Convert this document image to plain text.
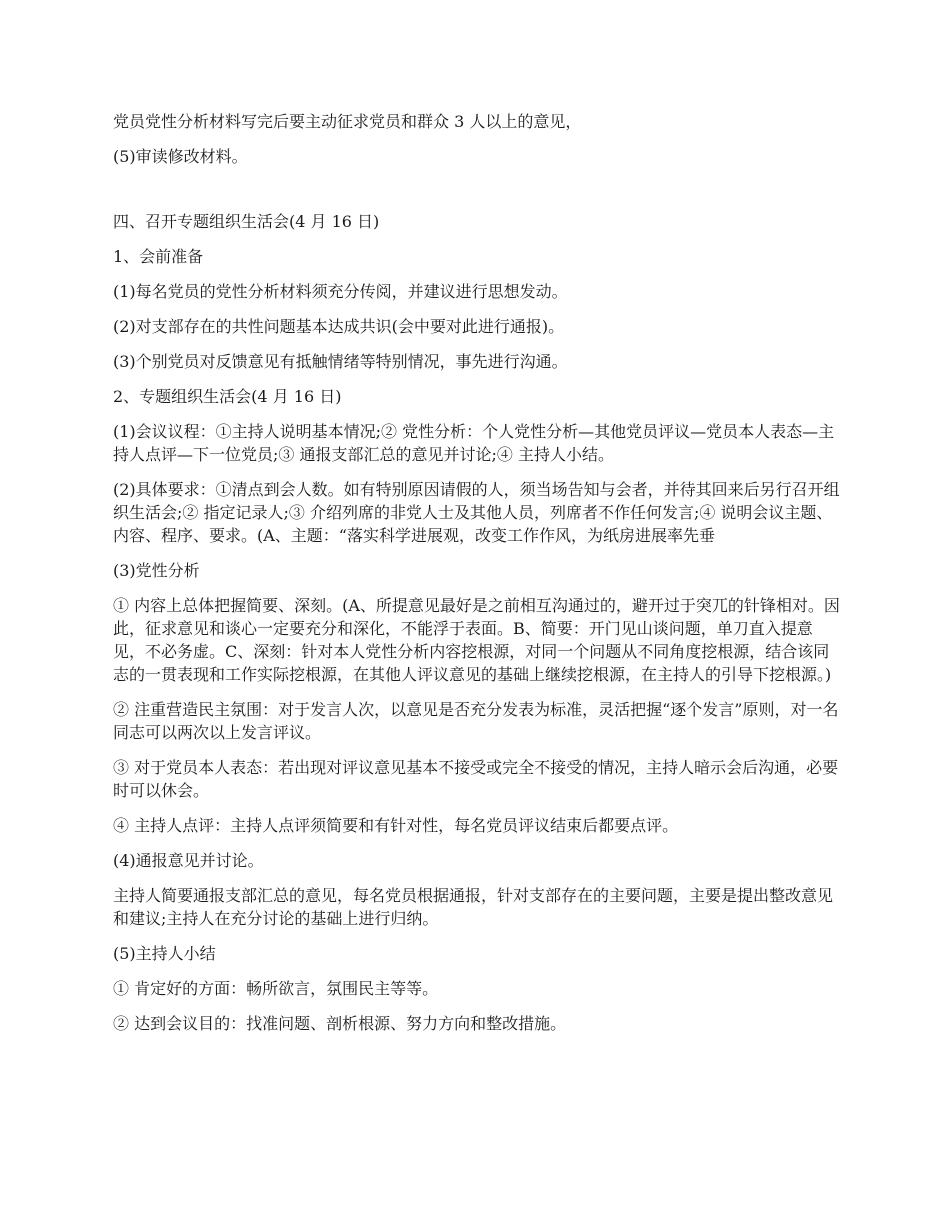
党员党性分析材料写完后要主动征求党员和群众 3 人以上的意见，

(5)审读修改材料。

四、召开专题组织生活会(4 月 16 日)

1、会前准备

(1)每名党员的党性分析材料须充分传阅，并建议进行思想发动。

(2)对支部存在的共性问题基本达成共识(会中要对此进行通报)。

(3)个别党员对反馈意见有抵触情绪等特别情况，事先进行沟通。

2、专题组织生活会(4 月 16 日)

(1)会议议程：①主持人说明基本情况;② 党性分析：个人党性分析—其他党员评议—党员本人表态—主持人点评—下一位党员;③ 通报支部汇总的意见并讨论;④ 主持人小结。

(2)具体要求：①清点到会人数。如有特别原因请假的人，须当场告知与会者，并待其回来后另行召开组织生活会;② 指定记录人;③ 介绍列席的非党人士及其他人员，列席者不作任何发言;④ 说明会议主题、内容、程序、要求。(A、主题：“落实科学进展观，改变工作作风，为纸房进展率先垂

(3)党性分析

① 内容上总体把握简要、深刻。(A、所提意见最好是之前相互沟通过的，避开过于突兀的针锋相对。因此，征求意见和谈心一定要充分和深化，不能浮于表面。B、简要：开门见山谈问题，单刀直入提意见，不必务虚。C、深刻：针对本人党性分析内容挖根源，对同一个问题从不同角度挖根源，结合该同志的一贯表现和工作实际挖根源，在其他人评议意见的基础上继续挖根源，在主持人的引导下挖根源。)

② 注重营造民主氛围：对于发言人次，以意见是否充分发表为标准，灵活把握“逐个发言”原则，对一名同志可以两次以上发言评议。

③ 对于党员本人表态：若出现对评议意见基本不接受或完全不接受的情况，主持人暗示会后沟通，必要时可以休会。

④ 主持人点评：主持人点评须简要和有针对性，每名党员评议结束后都要点评。

(4)通报意见并讨论。

主持人简要通报支部汇总的意见，每名党员根据通报，针对支部存在的主要问题，主要是提出整改意见和建议;主持人在充分讨论的基础上进行归纳。

(5)主持人小结

① 肯定好的方面：畅所欲言，氛围民主等等。

② 达到会议目的：找准问题、剖析根源、努力方向和整改措施。
